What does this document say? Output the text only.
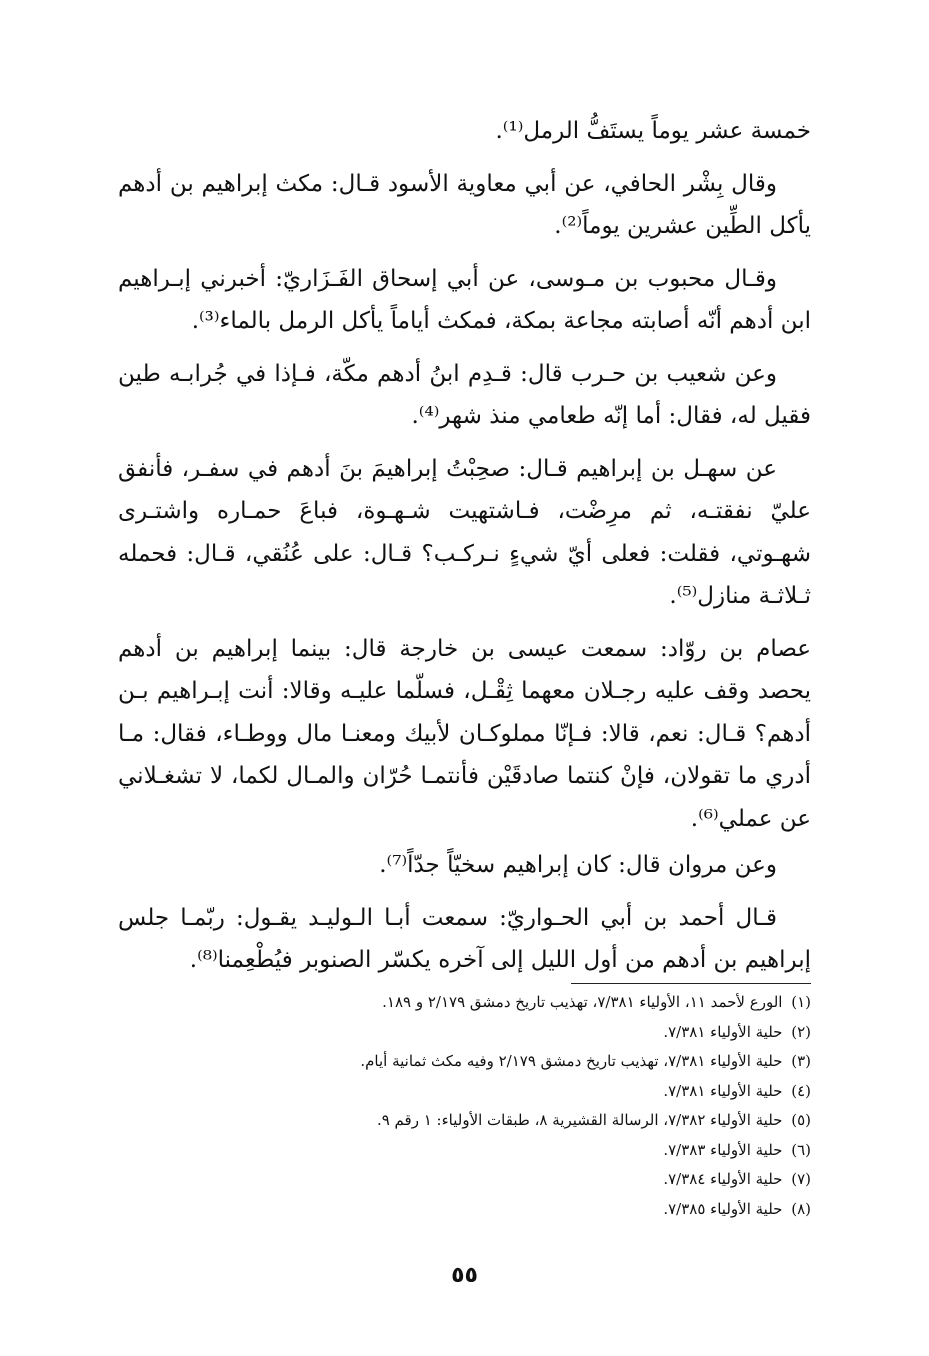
خمسة عشر يوماً يستَفُّ الرمل⁽¹⁾.

وقال بِشْر الحافي، عن أبي معاوية الأسود قـال: مكث إبراهيم بن أدهم يأكل الطِّين عشرين يوماً⁽²⁾.

وقـال محبوب بن مـوسى، عن أبي إسحاق الفَـزَاريّ: أخبرني إبـراهيم ابن أدهم أنّه أصابته مجاعة بمكة، فمكث أياماً يأكل الرمل بالماء⁽³⁾.

وعن شعيب بن حـرب قال: قـدِم ابنُ أدهم مكّة، فـإذا في جُرابـه طين فقيل له، فقال: أما إنّه طعامي منذ شهر⁽⁴⁾.

عن سهـل بن إبراهيم قـال: صحِبْتُ إبراهيمَ بنَ أدهم في سفـر، فأنفق عليّ نفقتـه، ثم مرِضْت، فـاشتهيت شـهـوة، فباعَ حمـاره واشتـرى شهـوتي، فقلت: فعلى أيّ شيءٍ نـركـب؟ قـال: على عُنُقي، قـال: فحمله ثـلاثـة منازل⁽⁵⁾.

عصام بن روّاد: سمعت عيسى بن خارجة قال: بينما إبراهيم بن أدهم يحصد وقف عليه رجـلان معهما ثِقْـل، فسلّما عليـه وقالا: أنت إبـراهيم بـن أدهم؟ قـال: نعم، قالا: فـإنّا مملوكـان لأبيك ومعنـا مال ووطـاء، فقال: مـا أدري ما تقولان، فإنْ كنتما صادقَيْن فأنتمـا حُرّان والمـال لكما، لا تشغـلاني عن عملي⁽⁶⁾.

وعن مروان قال: كان إبراهيم سخيّاً جدّاً⁽⁷⁾.

قـال أحمد بن أبي الحـواريّ: سمعت أبـا الـوليـد يقـول: ربّمـا جلس إبراهيم بن أدهم من أول الليل إلى آخره يكسّر الصنوبر فيُطْعِمنا⁽⁸⁾.

(١) الورع لأحمد ١١، الأولياء ٧/٣٨١، تهذيب تاريخ دمشق ٢/١٧٩ و ١٨٩.

(٢) حلية الأولياء ٧/٣٨١.

(٣) حلية الأولياء ٧/٣٨١، تهذيب تاريخ دمشق ٢/١٧٩ وفيه مكث ثمانية أيام.

(٤) حلية الأولياء ٧/٣٨١.

(٥) حلية الأولياء ٧/٣٨٢، الرسالة القشيرية ٨، طبقات الأولياء: ١ رقم ٩.

(٦) حلية الأولياء ٧/٣٨٣.

(٧) حلية الأولياء ٧/٣٨٤.

(٨) حلية الأولياء ٧/٣٨٥.

٥٥
